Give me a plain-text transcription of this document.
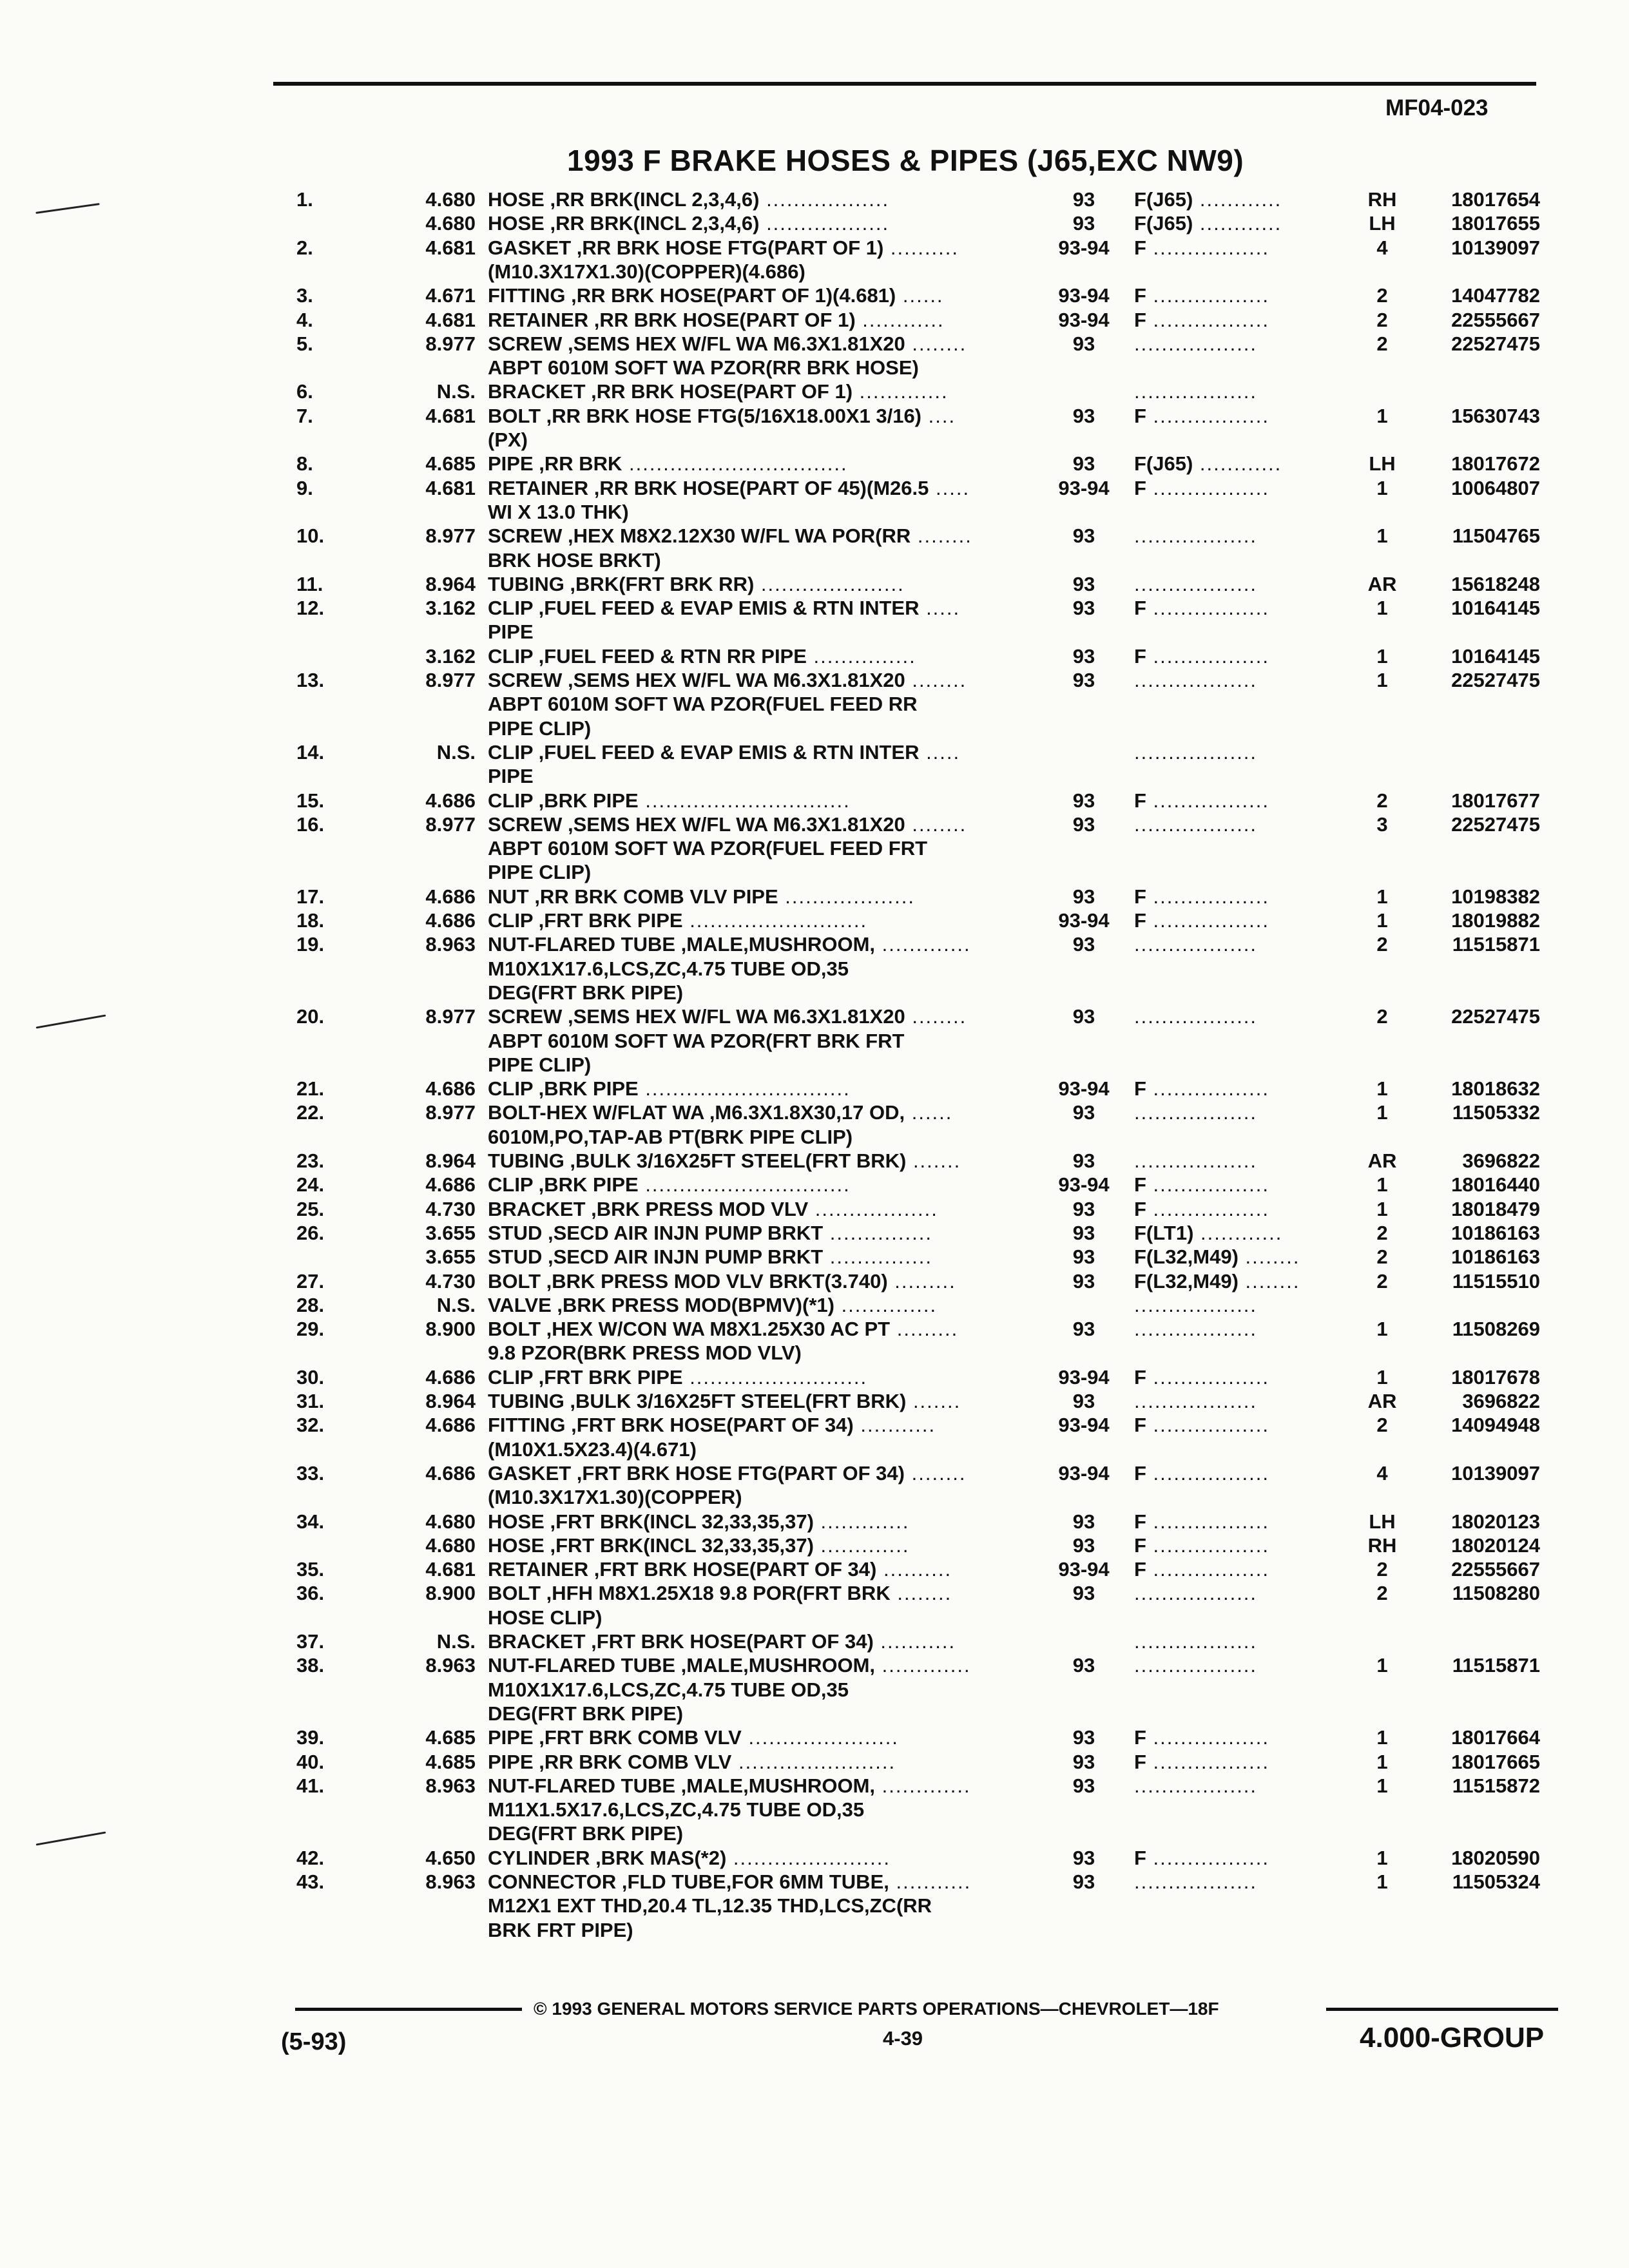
MF04-023
1993 F BRAKE HOSES & PIPES (J65,EXC NW9)
1.	4.680 HOSE ,RR BRK(INCL 2,3,4,6) ..................	93	F(J65) ............	RH	18017654
4.680 HOSE ,RR BRK(INCL 2,3,4,6) ..................	93	F(J65) ............	LH	18017655
2.	4.681 GASKET ,RR BRK HOSE FTG(PART OF 1) ..........	93-94	F .................	4	10139097
(M10.3X17X1.30)(COPPER)(4.686)
3.	4.671 FITTING ,RR BRK HOSE(PART OF 1)(4.681) ......	93-94	F .................	2	14047782
4.	4.681 RETAINER ,RR BRK HOSE(PART OF 1) ............	93-94	F .................	2	22555667
5.	8.977 SCREW ,SEMS HEX W/FL WA M6.3X1.81X20 ........	93	..................	2	22527475
ABPT 6010M SOFT WA PZOR(RR BRK HOSE)
6.	N.S. BRACKET ,RR BRK HOSE(PART OF 1) .............	..................
7.	4.681 BOLT ,RR BRK HOSE FTG(5/16X18.00X1 3/16) ....	93	F .................	1	15630743
(PX)
8.	4.685 PIPE ,RR BRK ................................	93	F(J65) ............	LH	18017672
9.	4.681 RETAINER ,RR BRK HOSE(PART OF 45)(M26.5 .....	93-94	F .................	1	10064807
WI X 13.0 THK)
10.	8.977 SCREW ,HEX M8X2.12X30 W/FL WA POR(RR ........	93	..................	1	11504765
BRK HOSE BRKT)
11.	8.964 TUBING ,BRK(FRT BRK RR) .....................	93	..................	AR	15618248
12.	3.162 CLIP ,FUEL FEED & EVAP EMIS & RTN INTER .....	93	F .................	1	10164145
PIPE
3.162 CLIP ,FUEL FEED & RTN RR PIPE ...............	93	F .................	1	10164145
13.	8.977 SCREW ,SEMS HEX W/FL WA M6.3X1.81X20 ........	93	..................	1	22527475
ABPT 6010M SOFT WA PZOR(FUEL FEED RR
PIPE CLIP)
14.	N.S. CLIP ,FUEL FEED & EVAP EMIS & RTN INTER .....	..................
PIPE
15.	4.686 CLIP ,BRK PIPE ..............................	93	F .................	2	18017677
16.	8.977 SCREW ,SEMS HEX W/FL WA M6.3X1.81X20 ........	93	..................	3	22527475
ABPT 6010M SOFT WA PZOR(FUEL FEED FRT
PIPE CLIP)
17.	4.686 NUT ,RR BRK COMB VLV PIPE ...................	93	F .................	1	10198382
18.	4.686 CLIP ,FRT BRK PIPE ..........................	93-94	F .................	1	18019882
19.	8.963 NUT-FLARED TUBE ,MALE,MUSHROOM, .............	93	..................	2	11515871
M10X1X17.6,LCS,ZC,4.75 TUBE OD,35
DEG(FRT BRK PIPE)
20.	8.977 SCREW ,SEMS HEX W/FL WA M6.3X1.81X20 ........	93	..................	2	22527475
ABPT 6010M SOFT WA PZOR(FRT BRK FRT
PIPE CLIP)
21.	4.686 CLIP ,BRK PIPE ..............................	93-94	F .................	1	18018632
22.	8.977 BOLT-HEX W/FLAT WA ,M6.3X1.8X30,17 OD, ......	93	..................	1	11505332
6010M,PO,TAP-AB PT(BRK PIPE CLIP)
23.	8.964 TUBING ,BULK 3/16X25FT STEEL(FRT BRK) .......	93	..................	AR	3696822
24.	4.686 CLIP ,BRK PIPE ..............................	93-94	F .................	1	18016440
25.	4.730 BRACKET ,BRK PRESS MOD VLV ..................	93	F .................	1	18018479
26.	3.655 STUD ,SECD AIR INJN PUMP BRKT ...............	93	F(LT1) ............	2	10186163
3.655 STUD ,SECD AIR INJN PUMP BRKT ...............	93	F(L32,M49) ........	2	10186163
27.	4.730 BOLT ,BRK PRESS MOD VLV BRKT(3.740) .........	93	F(L32,M49) ........	2	11515510
28.	N.S. VALVE ,BRK PRESS MOD(BPMV)(*1) ..............	..................
29.	8.900 BOLT ,HEX W/CON WA M8X1.25X30 AC PT .........	93	..................	1	11508269
9.8 PZOR(BRK PRESS MOD VLV)
30.	4.686 CLIP ,FRT BRK PIPE ..........................	93-94	F .................	1	18017678
31.	8.964 TUBING ,BULK 3/16X25FT STEEL(FRT BRK) .......	93	..................	AR	3696822
32.	4.686 FITTING ,FRT BRK HOSE(PART OF 34) ...........	93-94	F .................	2	14094948
(M10X1.5X23.4)(4.671)
33.	4.686 GASKET ,FRT BRK HOSE FTG(PART OF 34) ........	93-94	F .................	4	10139097
(M10.3X17X1.30)(COPPER)
34.	4.680 HOSE ,FRT BRK(INCL 32,33,35,37) .............	93	F .................	LH	18020123
4.680 HOSE ,FRT BRK(INCL 32,33,35,37) .............	93	F .................	RH	18020124
35.	4.681 RETAINER ,FRT BRK HOSE(PART OF 34) ..........	93-94	F .................	2	22555667
36.	8.900 BOLT ,HFH M8X1.25X18 9.8 POR(FRT BRK ........	93	..................	2	11508280
HOSE CLIP)
37.	N.S. BRACKET ,FRT BRK HOSE(PART OF 34) ...........	..................
38.	8.963 NUT-FLARED TUBE ,MALE,MUSHROOM, .............	93	..................	1	11515871
M10X1X17.6,LCS,ZC,4.75 TUBE OD,35
DEG(FRT BRK PIPE)
39.	4.685 PIPE ,FRT BRK COMB VLV ......................	93	F .................	1	18017664
40.	4.685 PIPE ,RR BRK COMB VLV .......................	93	F .................	1	18017665
41.	8.963 NUT-FLARED TUBE ,MALE,MUSHROOM, .............	93	..................	1	11515872
M11X1.5X17.6,LCS,ZC,4.75 TUBE OD,35
DEG(FRT BRK PIPE)
42.	4.650 CYLINDER ,BRK MAS(*2) .......................	93	F .................	1	18020590
43.	8.963 CONNECTOR ,FLD TUBE,FOR 6MM TUBE, ...........	93	..................	1	11505324
M12X1 EXT THD,20.4 TL,12.35 THD,LCS,ZC(RR
BRK FRT PIPE)
© 1993 GENERAL MOTORS SERVICE PARTS OPERATIONS—CHEVROLET—18F
4-39
(5-93)	4.000-GROUP
